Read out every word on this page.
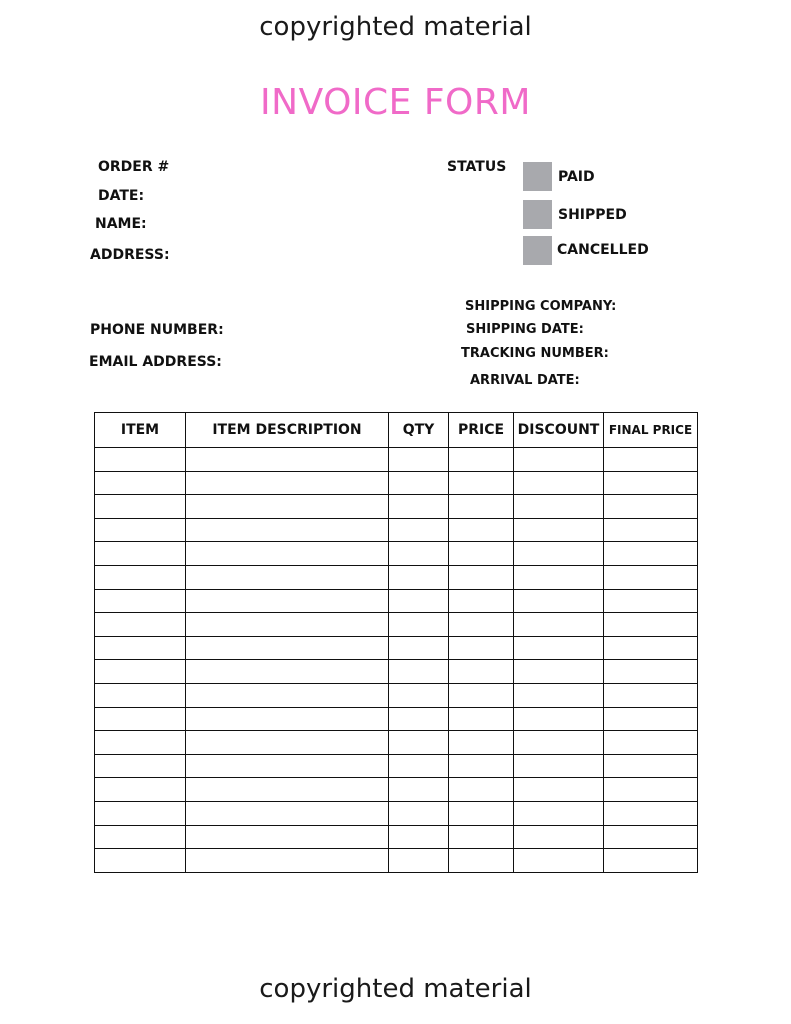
copyrighted material
INVOICE FORM
ORDER #
DATE:
NAME:
ADDRESS:
PHONE NUMBER:
EMAIL ADDRESS:
STATUS
PAID
SHIPPED
CANCELLED
SHIPPING COMPANY:
SHIPPING DATE:
TRACKING NUMBER:
ARRIVAL DATE:
ITEM	ITEM DESCRIPTION	QTY	PRICE	DISCOUNT	FINAL PRICE

copyrighted material
